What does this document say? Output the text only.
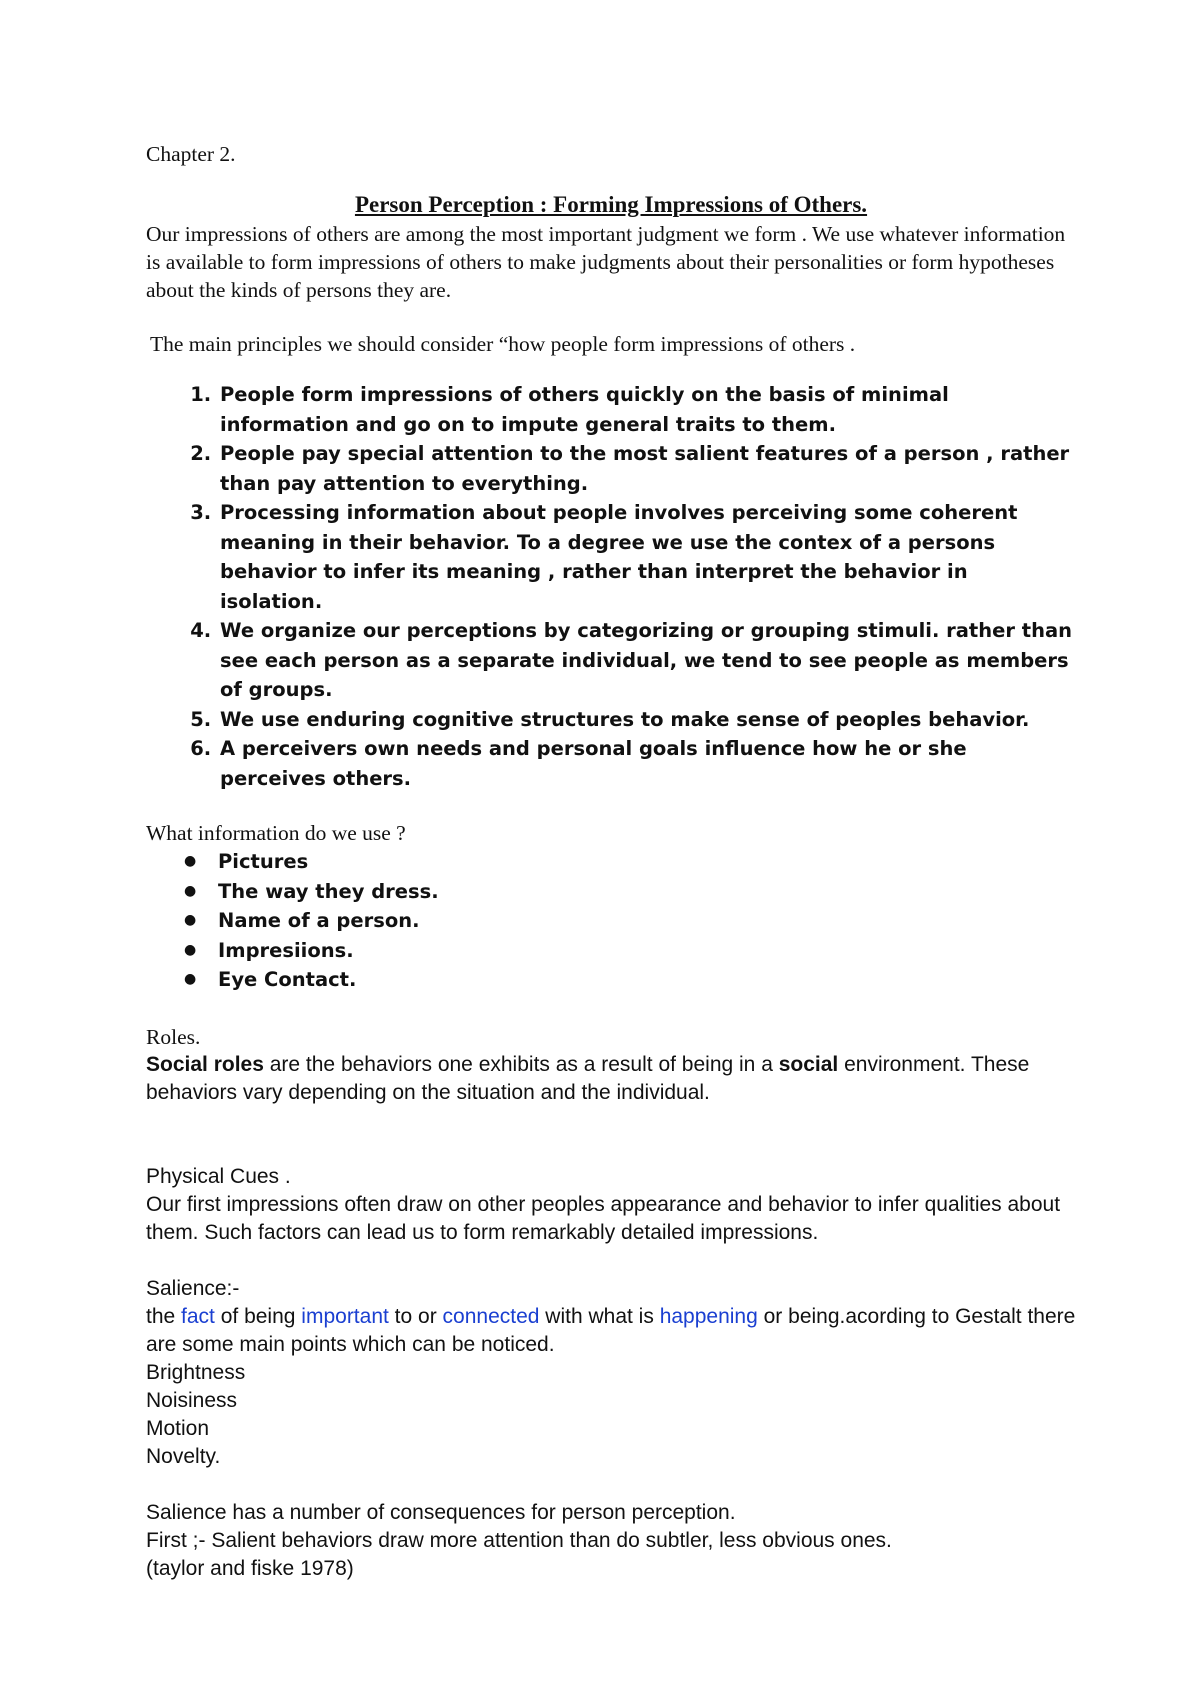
Chapter 2.

Person Perception : Forming Impressions of Others.

Our impressions of others are among the most important judgment we form . We use whatever information is available to form impressions of others to make judgments about their personalities or form hypotheses about the kinds of persons they are.

The main principles we should consider “how people form impressions of others .

1. People form impressions of others quickly on the basis of minimal information and go on to impute general traits to them.
2. People pay special attention to the most salient features of a person , rather than pay attention to everything.
3. Processing information about people involves perceiving some coherent meaning in their behavior. To a degree we use the contex of a persons behavior to infer its meaning , rather than interpret the behavior in isolation.
4. We organize our perceptions by categorizing or grouping stimuli. rather than see each person as a separate individual, we tend to see people as members of groups.
5. We use enduring cognitive structures to make sense of peoples behavior.
6. A perceivers own needs and personal goals influence how he or she perceives others.

What information do we use ?

● Pictures
● The way they dress.
● Name of a person.
● Impresiions.
● Eye Contact.

Roles.

Social roles are the behaviors one exhibits as a result of being in a social environment. These behaviors vary depending on the situation and the individual.

Physical Cues .

Our first impressions often draw on other peoples appearance and behavior to infer qualities about them. Such factors can lead us to form remarkably detailed impressions.

Salience:-

the fact of being important to or connected with what is happening or being.acording to Gestalt there are some main points which can be noticed.

Brightness

Noisiness

Motion

Novelty.

Salience has a number of consequences for person perception.

First ;- Salient behaviors draw more attention than do subtler, less obvious ones.

(taylor and fiske 1978)
